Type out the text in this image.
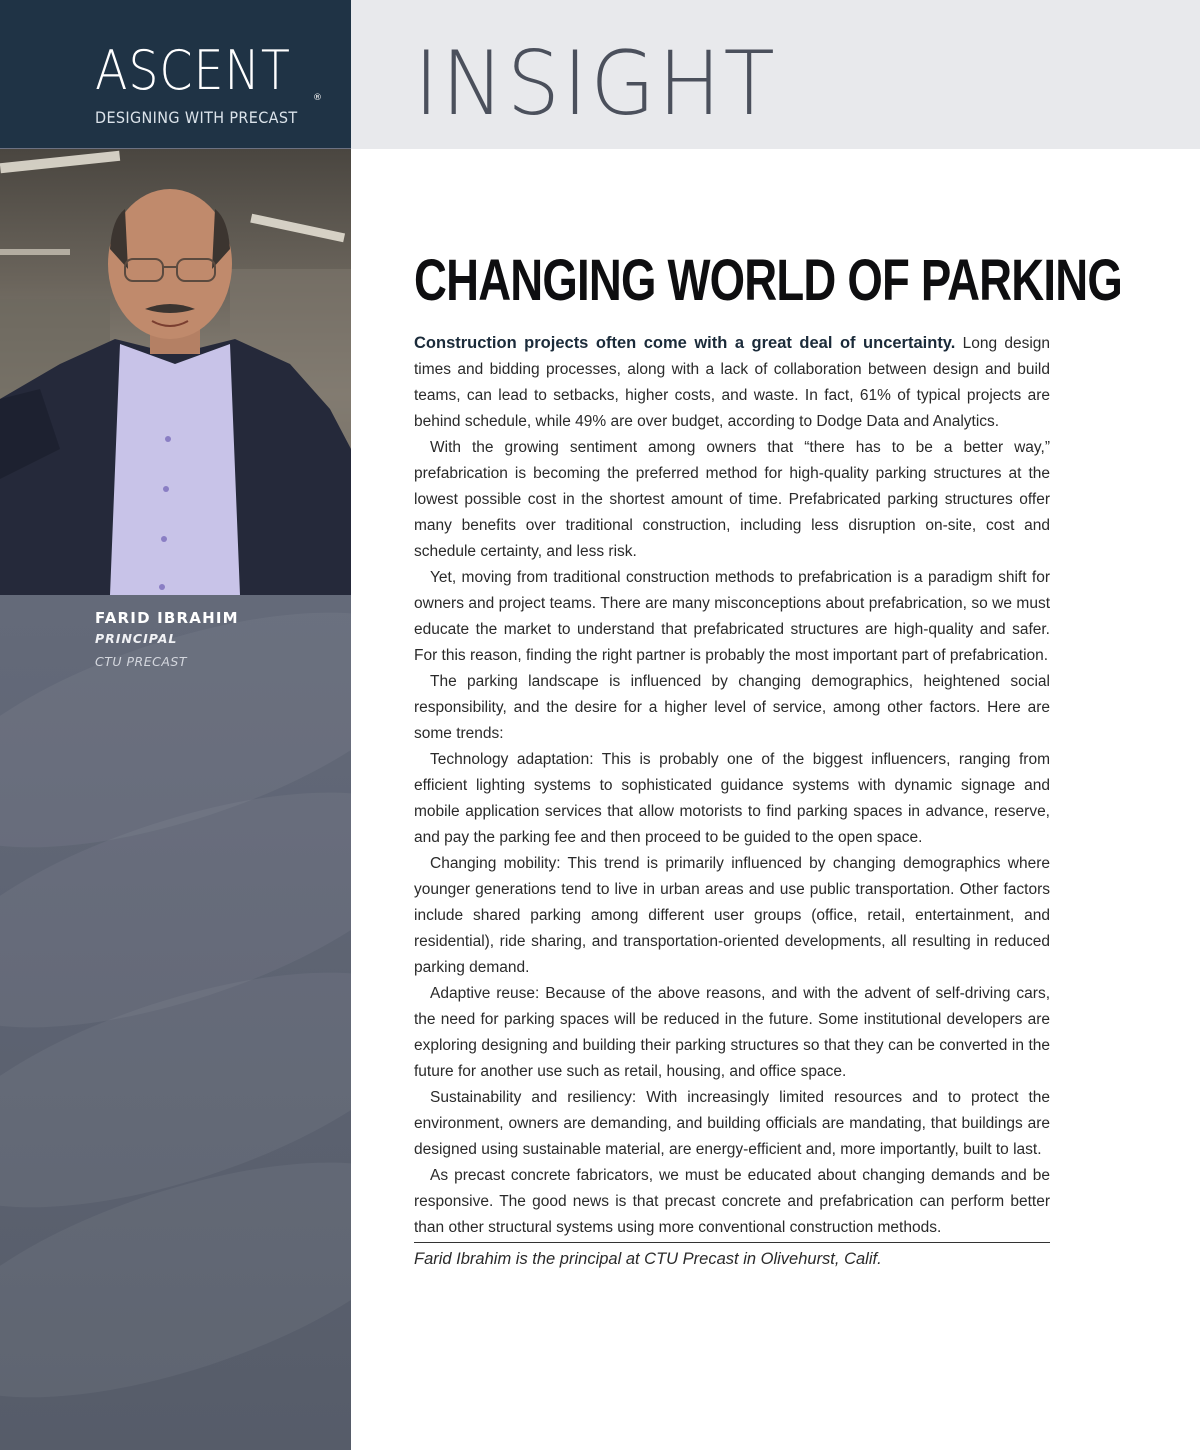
FARID IBRAHIM
PRINCIPAL
CTU PRECAST
ASCENT ®
DESIGNING WITH PRECAST INSIGHT
CHANGING WORLD OF PARKING

Construction projects often come with a great deal of uncertainty. Long design times and bidding processes, along with a lack of collaboration between design and build teams, can lead to setbacks, higher costs, and waste. In fact, 61% of typical projects are behind schedule, while 49% are over budget, according to Dodge Data and Analytics.

With the growing sentiment among owners that “there has to be a better way,” prefabrication is becoming the preferred method for high-quality parking structures at the lowest possible cost in the shortest amount of time. Prefabricated parking structures offer many benefits over traditional construction, including less disruption on-site, cost and schedule certainty, and less risk.

Yet, moving from traditional construction methods to prefabrication is a paradigm shift for owners and project teams. There are many misconceptions about prefabrication, so we must educate the market to understand that prefabricated structures are high-quality and safer. For this reason, finding the right partner is probably the most important part of prefabrication.

The parking landscape is influenced by changing demographics, heightened social responsibility, and the desire for a higher level of service, among other factors. Here are some trends:

Technology adaptation: This is probably one of the biggest influencers, ranging from efficient lighting systems to sophisticated guidance systems with dynamic signage and mobile application services that allow motorists to find parking spaces in advance, reserve, and pay the parking fee and then proceed to be guided to the open space.

Changing mobility: This trend is primarily influenced by changing demographics where younger generations tend to live in urban areas and use public transportation. Other factors include shared parking among different user groups (office, retail, entertainment, and residential), ride sharing, and transportation-oriented developments, all resulting in reduced parking demand.

Adaptive reuse: Because of the above reasons, and with the advent of self-driving cars, the need for parking spaces will be reduced in the future. Some institutional developers are exploring designing and building their parking structures so that they can be converted in the future for another use such as retail, housing, and office space.

Sustainability and resiliency: With increasingly limited resources and to protect the environment, owners are demanding, and building officials are mandating, that buildings are designed using sustainable material, are energy-efficient and, more importantly, built to last.

As precast concrete fabricators, we must be educated about changing demands and be responsive. The good news is that precast concrete and prefabrication can perform better than other structural systems using more conventional construction methods.

Farid Ibrahim is the principal at CTU Precast in Olivehurst, Calif.
